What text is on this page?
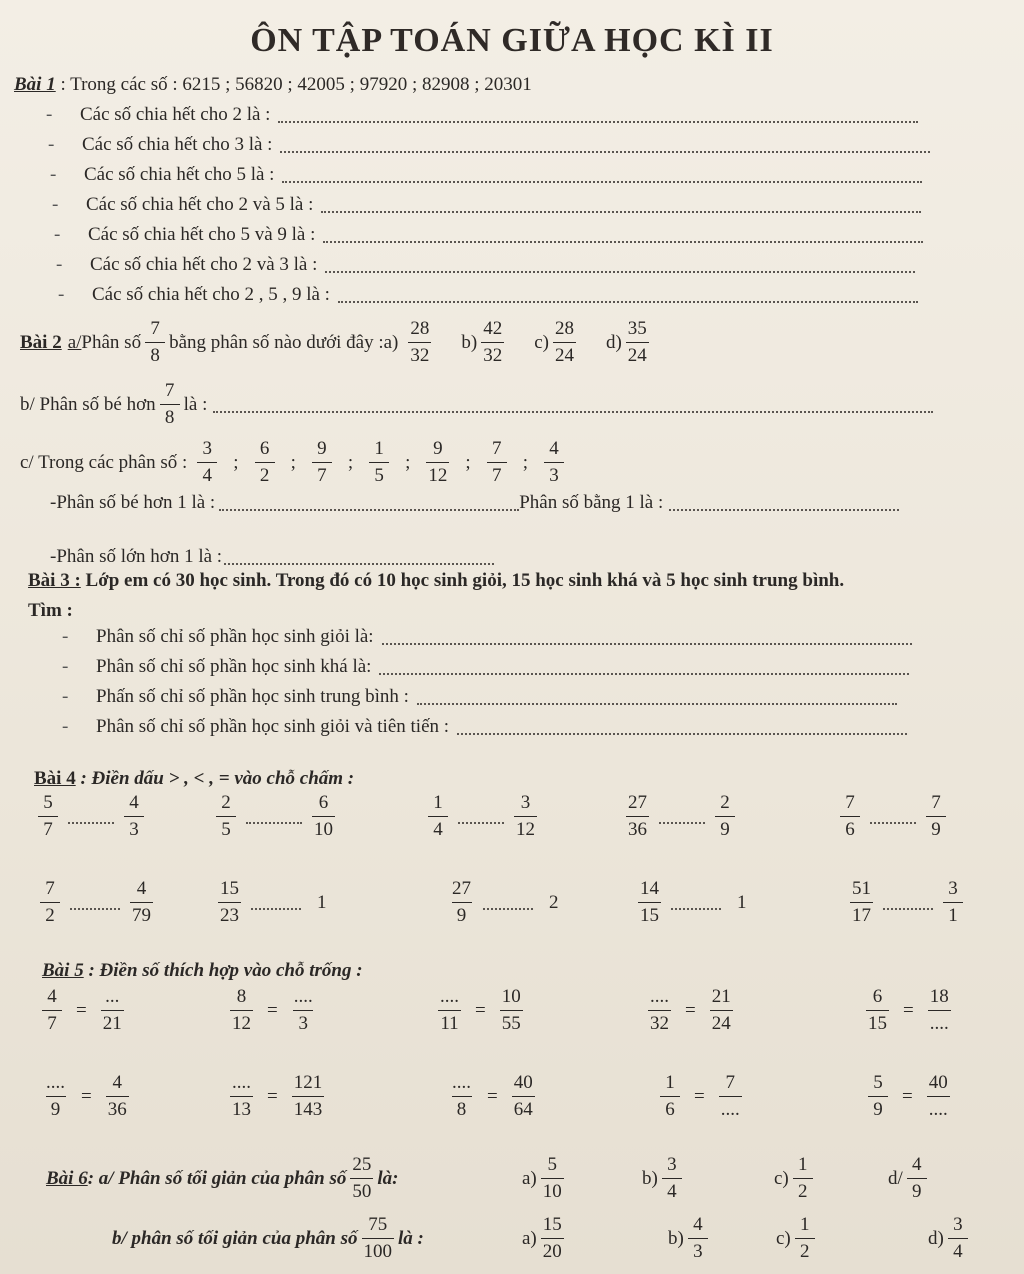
ÔN TẬP TOÁN GIỮA HỌC KÌ II
Bài 1 : Trong các số : 6215 ; 56820 ; 42005 ; 97920 ; 82908 ; 20301
Bài 2 a/ Phân số $\frac{7}{8}$ bằng phân số nào dưới đây :a) $\frac{28}{32} b) \frac{42}{32} c) \frac{28}{24} d) \frac{35}{24}$
b/ Phân số bé hơn $\frac{7}{8}$ là :
c/ Trong các phân số : $\frac{3}{4}$ ; $\frac{6}{2}$ ; $\frac{9}{7}$ ; $\frac{1}{5}$ ; $\frac{9}{12}$ ; $\frac{7}{7}$ ; $\frac{4}{3}$
-Phân số bé hơn 1 là :	Phân số bằng 1 là :
-Phân số lớn hơn 1 là :
Bài 3 : Lớp em có 30 học sinh. Trong đó có 10 học sinh giỏi, 15 học sinh khá và 5 học sinh trung bình.
Tìm :
Bài 4 : Điền dấu > , < , = vào chỗ chấm :
Bài 5 : Điền số thích hợp vào chỗ trống :
Bài 6 : a/ Phân số tối giản của phân số $\frac{25}{50}$ là:
b/ phân số tối giản của phân số $\frac{75}{100}$ là :
-	Các số chia hết cho 2 là :
-	Các số chia hết cho 3 là :
-	Các số chia hết cho 5 là :
-	Các số chia hết cho 2 và 5 là :
-	Các số chia hết cho 5 và 9 là :
-	Các số chia hết cho 2 và 3 là :
-	Các số chia hết cho 2 , 5 , 9 là :
-	Phân số chỉ số phần học sinh giỏi là:
-	Phân số chỉ số phần học sinh khá là:
-	Phấn số chỉ số phần học sinh trung bình :
-	Phân số chỉ số phần học sinh giỏi và tiên tiến :
$\frac{5}{7}$	$\frac{4}{3}$	$\frac{2}{5}$	$\frac{6}{10}$	$\frac{1}{4}$	$\frac{3}{12}$	$\frac{27}{36}$	$\frac{2}{9}$	$\frac{7}{6}$	$\frac{7}{9}$
$\frac{7}{2}$	$\frac{4}{79}$	$\frac{15}{23}$	1	$\frac{27}{9}$	2	$\frac{14}{15}$	1	$\frac{51}{17}$	$\frac{3}{1}$
$\frac{4}{7} = \frac{...}{21}$	$\frac{8}{12} = \frac{....}{3}$	$\frac{....}{11} = \frac{10}{55}$	$\frac{....}{32} = \frac{21}{24}$	$\frac{6}{15} = \frac{18}{....}$
$\frac{....}{9} = \frac{4}{36}$	$\frac{....}{13} = \frac{121}{143}$	$\frac{....}{8} = \frac{40}{64}$	$\frac{1}{6} = \frac{7}{....}$	$\frac{5}{9} = \frac{40}{....}$
$a) \frac{5}{10}$	$b) \frac{3}{4}$	$c) \frac{1}{2}$	$d/ \frac{4}{9}$
$a) \frac{15}{20}$	$b) \frac{4}{3}$	$c) \frac{1}{2}$	$d) \frac{3}{4}$
